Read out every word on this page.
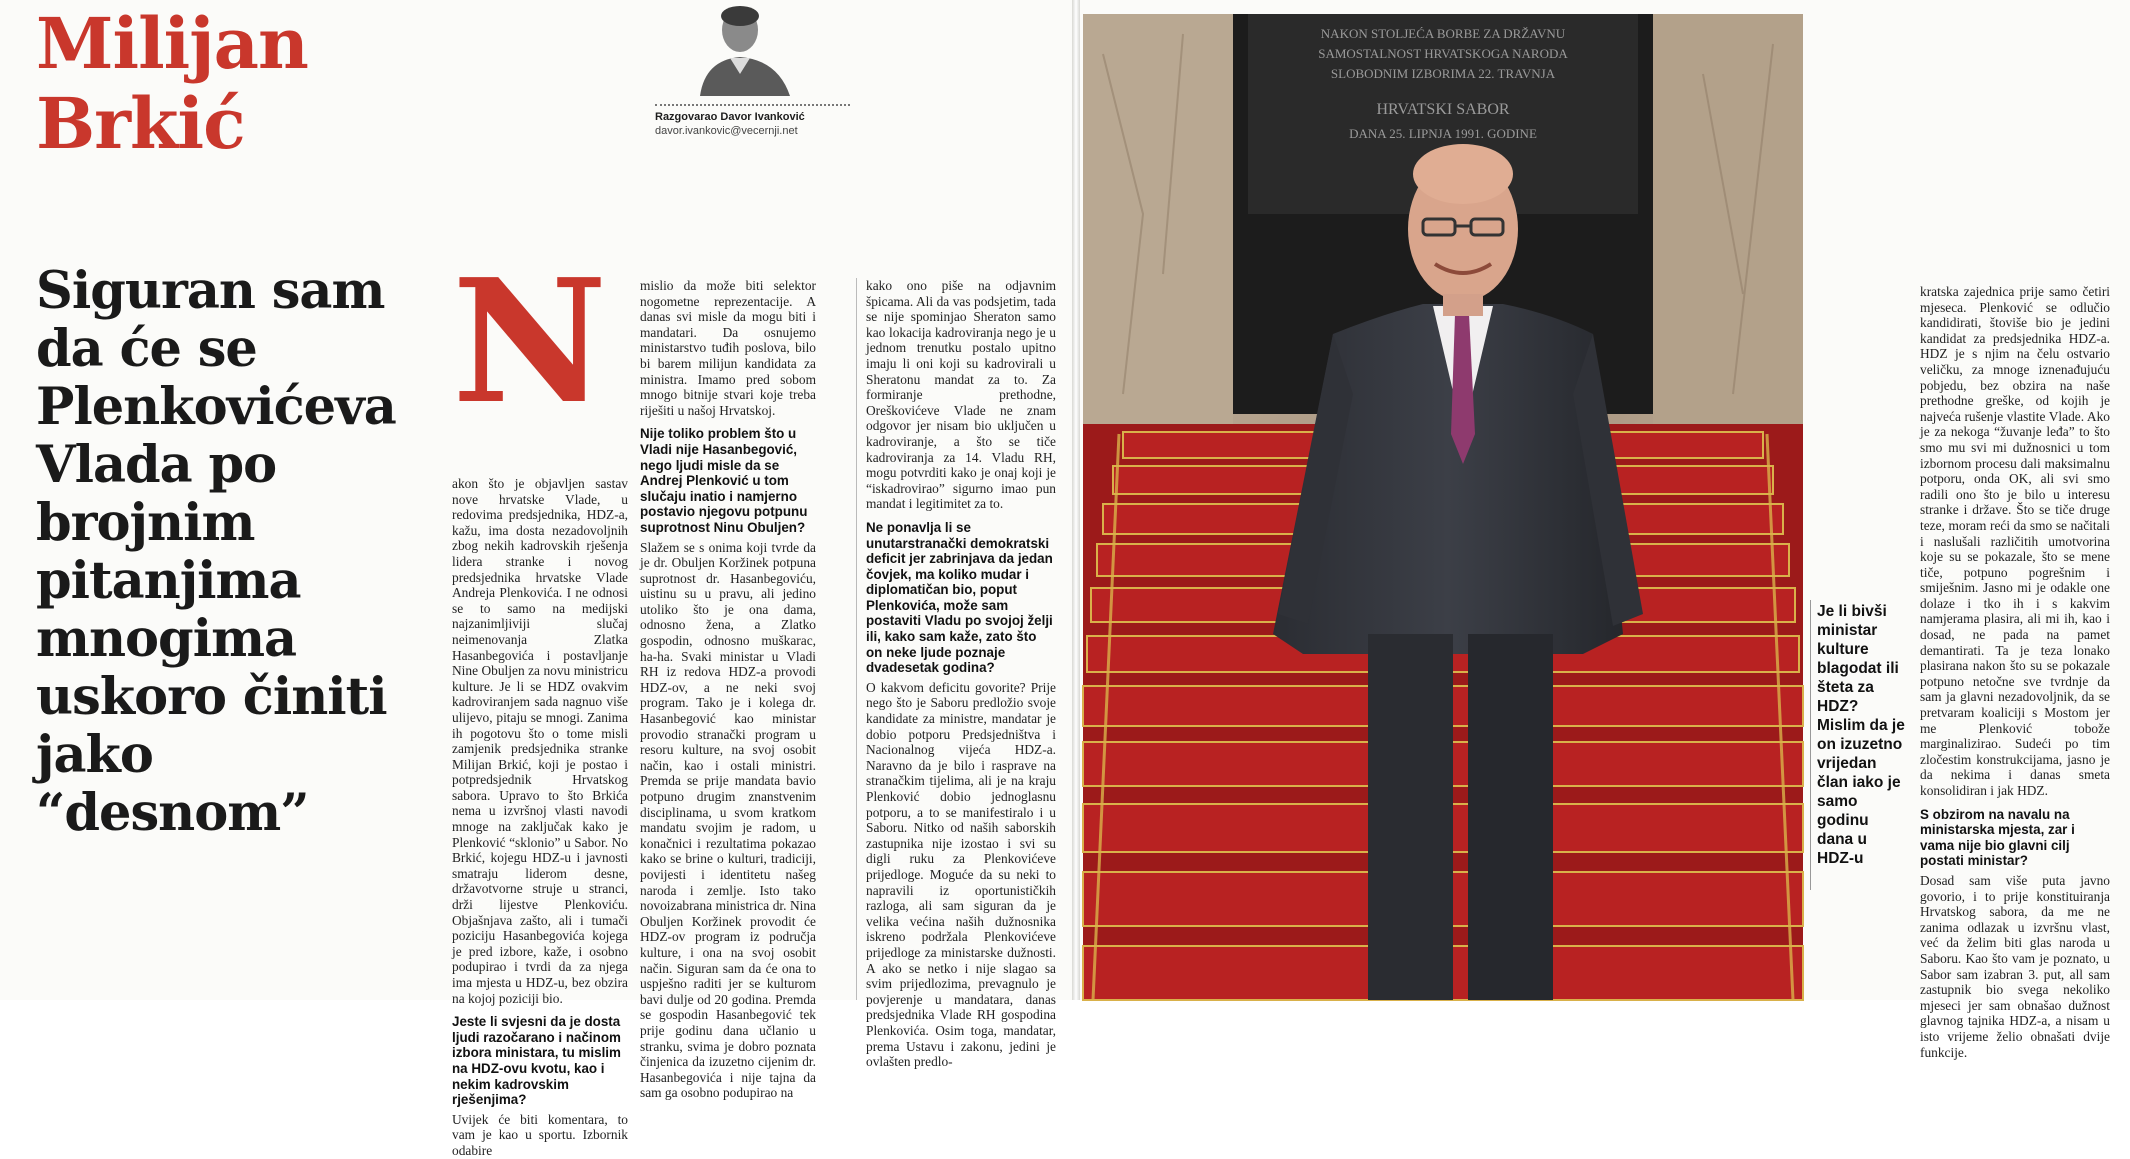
Milijan
Brkić	Razgovarao Davor Ivanković
davor.ivankovic@vecernji.net
Siguran sam da će se Plenkovićeva Vlada po brojnim pitanjima mnogima uskoro činiti jako “desnom”
N

akon što je objavljen sastav nove hrvatske Vlade, u redovima predsjednika, HDZ-a, kažu, ima dosta nezadovoljnih zbog nekih kadrovskih rješenja lidera stranke i novog predsjednika hrvatske Vlade Andreja Plenkovića. I ne odnosi se to samo na medijski najzanimljiviji slučaj neimenovanja Zlatka Hasanbegovića i postavljanje Nine Obuljen za novu ministricu kulture. Je li se HDZ ovakvim kadroviranjem sada nagnuo više ulijevo, pitaju se mnogi. Zanima ih pogotovu što o tome misli zamjenik predsjednika stranke Milijan Brkić, koji je postao i potpredsjednik Hrvatskog sabora. Upravo to što Brkića nema u izvršnoj vlasti navodi mnoge na zaključak kako je Plenković “sklonio” u Sabor. No Brkić, kojegu HDZ-u i javnosti smatraju liderom desne, državotvorne struje u stranci, drži lijestve Plenkoviću. Objašnjava zašto, ali i tumači poziciju Hasanbegovića kojega je pred izbore, kaže, i osobno podupirao i tvrdi da za njega ima mjesta u HDZ-u, bez obzira na kojoj poziciji bio.

Jeste li svjesni da je dosta ljudi razočarano i načinom izbora ministara, tu mislim na HDZ-ovu kvotu, kao i nekim kadrovskim rješenjima?

Uvijek će biti komentara, to vam je kao u sportu. Izbornik odabire

mislio da može biti selektor nogometne reprezentacije. A danas svi misle da mogu biti i mandatari. Da osnujemo ministarstvo tuđih poslova, bilo bi barem milijun kandidata za ministra. Imamo pred sobom mnogo bitnije stvari koje treba riješiti u našoj Hrvatskoj.

Nije toliko problem što u Vladi nije Hasanbegović, nego ljudi misle da se Andrej Plenković u tom slučaju inatio i namjerno postavio njegovu potpunu suprotnost Ninu Obuljen?

Slažem se s onima koji tvrde da je dr. Obuljen Koržinek potpuna suprotnost dr. Hasanbegoviću, uistinu su u pravu, ali jedino utoliko što je ona dama, odnosno žena, a Zlatko gospodin, odnosno muškarac, ha-ha. Svaki ministar u Vladi RH iz redova HDZ-a provodi HDZ-ov, a ne neki svoj program. Tako je i kolega dr. Hasanbegović kao ministar provodio stranački program u resoru kulture, na svoj osobit način, kao i ostali ministri. Premda se prije mandata bavio potpuno drugim znanstvenim disciplinama, u svom kratkom mandatu svojim je radom, u konačnici i rezultatima pokazao kako se brine o kulturi, tradiciji, povijesti i identitetu našeg naroda i zemlje. Isto tako novoizabrana ministrica dr. Nina Obuljen Koržinek provodit će HDZ-ov program iz područja kulture, i ona na svoj osobit način. Siguran sam da će ona to uspješno raditi jer se kulturom bavi dulje od 20 godina. Premda se gospodin Hasanbegović tek prije godinu dana učlanio u stranku, svima je dobro poznata činjenica da izuzetno cijenim dr. Hasanbegovića i nije tajna da sam ga osobno podupirao na

kako ono piše na odjavnim špicama. Ali da vas podsjetim, tada se nije spominjao Sheraton samo kao lokacija kadroviranja nego je u jednom trenutku postalo upitno imaju li oni koji su kadrovirali u Sheratonu mandat za to. Za formiranje prethodne, Oreškovićeve Vlade ne znam odgovor jer nisam bio uključen u kadroviranje, a što se tiče kadroviranja za 14. Vladu RH, mogu potvrditi kako je onaj koji je “iskadrovirao” sigurno imao pun mandat i legitimitet za to.

Ne ponavlja li se unutarstranački demokratski deficit jer zabrinjava da jedan čovjek, ma koliko mudar i diplomatičan bio, poput Plenkovića, može sam postaviti Vladu po svojoj želji ili, kako sam kaže, zato što on neke ljude poznaje dvadesetak godina?

O kakvom deficitu govorite? Prije nego što je Saboru predložio svoje kandidate za ministre, mandatar je dobio potporu Predsjedništva i Nacionalnog vijeća HDZ-a. Naravno da je bilo i rasprave na stranačkim tijelima, ali je na kraju Plenković dobio jednoglasnu potporu, a to se manifestiralo i u Saboru. Nitko od naših saborskih zastupnika nije izostao i svi su digli ruku za Plenkovićeve prijedloge. Moguće da su neki to napravili iz oportunističkih razloga, ali sam siguran da je velika većina naših dužnosnika iskreno podržala Plenkovićeve prijedloge za ministarske dužnosti. A ako se netko i nije slagao sa svim prijedlozima, prevagnulo je povjerenje u mandatara, danas predsjednika Vlade RH gospodina Plenkovića. Osim toga, mandatar, prema Ustavu i zakonu, jedini je ovlašten predlo-

NAKON STOLJEĆA BORBE ZA DRŽAVNU
SAMOSTALNOST HRVATSKOGA NARODA
SLOBODNIM IZBORIMA 22. TRAVNJA
HRVATSKI SABOR
DANA 25. LIPNJA 1991. GODINE
Je li bivši ministar kulture blagodat ili šteta za HDZ? Mislim da je on izuzetno vrijedan član iako je samo godinu dana u HDZ-u

kratska zajednica prije samo četiri mjeseca. Plenković se odlučio kandidirati, štoviše bio je jedini kandidat za predsjednika HDZ-a. HDZ je s njim na čelu ostvario veličku, za mnoge iznenađujuću pobjedu, bez obzira na naše prethodne greške, od kojih je najveća rušenje vlastite Vlade. Ako je za nekoga “žuvanje leđa” to što smo mu svi mi dužnosnici u tom izbornom procesu dali maksimalnu potporu, onda OK, ali svi smo radili ono što je bilo u interesu stranke i države. Što se tiče druge teze, moram reći da smo se načitali i naslušali različitih umotvorina koje su se pokazale, što se mene tiče, potpuno pogrešnim i smiješnim. Jasno mi je odakle one dolaze i tko ih i s kakvim namjerama plasira, ali mi ih, kao i dosad, ne pada na pamet demantirati. Ta je teza lonako plasirana nakon što su se pokazale potpuno netočne sve tvrdnje da sam ja glavni nezadovoljnik, da se pretvaram koaliciji s Mostom jer me Plenković tobože marginalizirao. Sudeći po tim zločestim konstrukcijama, jasno je da nekima i danas smeta konsolidiran i jak HDZ.

S obzirom na navalu na ministarska mjesta, zar i vama nije bio glavni cilj postati ministar?

Dosad sam više puta javno govorio, i to prije konstituiranja Hrvatskog sabora, da me ne zanima odlazak u izvršnu vlast, već da želim biti glas naroda u Saboru. Kao što vam je poznato, u Sabor sam izabran 3. put, all sam zastupnik bio svega nekoliko mjeseci jer sam obnašao dužnost glavnog tajnika HDZ-a, a nisam u isto vrijeme želio obnašati dvije funkcije.
